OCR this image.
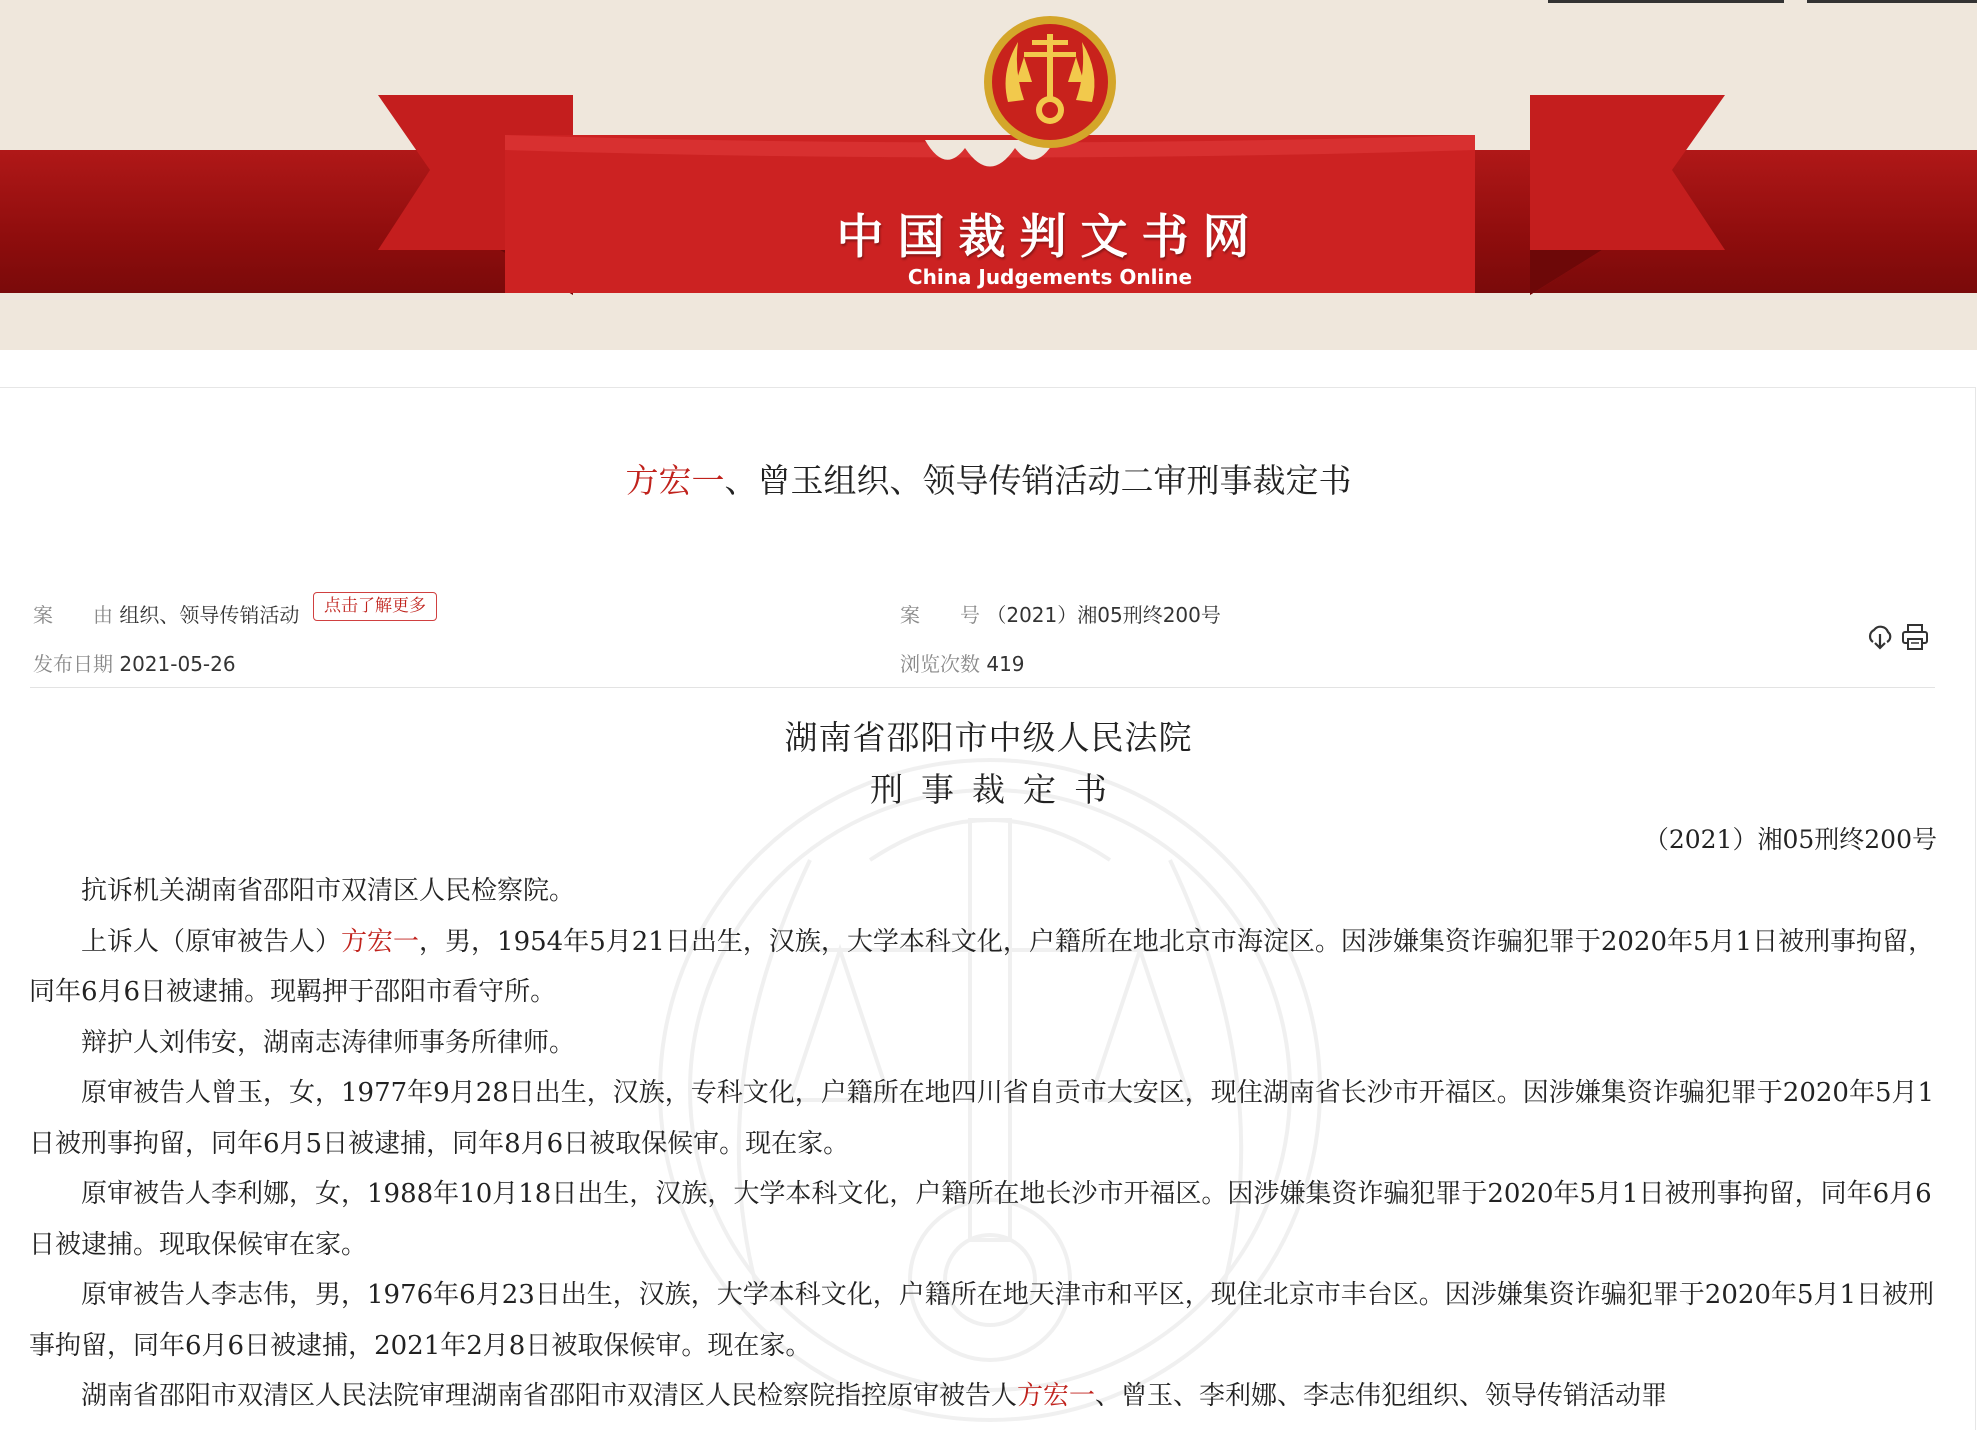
中国裁判文书网
China Judgements Online
方宏一、曾玉组织、领导传销活动二审刑事裁定书
案　　由 组织、领导传销活动	点击了解更多	案　　号 （2021）湘05刑终200号
发布日期 2021-05-26	浏览次数 419
湖南省邵阳市中级人民法院
刑事裁定书
（2021）湘05刑终200号

抗诉机关湖南省邵阳市双清区人民检察院。

上诉人（原审被告人）方宏一，男，1954年5月21日出生，汉族，大学本科文化，户籍所在地北京市海淀区。因涉嫌集资诈骗犯罪于2020年5月1日被刑事拘留，同年6月6日被逮捕。现羁押于邵阳市看守所。

辩护人刘伟安，湖南志涛律师事务所律师。

原审被告人曾玉，女，1977年9月28日出生，汉族，专科文化，户籍所在地四川省自贡市大安区，现住湖南省长沙市开福区。因涉嫌集资诈骗犯罪于2020年5月1日被刑事拘留，同年6月5日被逮捕，同年8月6日被取保候审。现在家。

原审被告人李利娜，女，1988年10月18日出生，汉族，大学本科文化，户籍所在地长沙市开福区。因涉嫌集资诈骗犯罪于2020年5月1日被刑事拘留，同年6月6日被逮捕。现取保候审在家。

原审被告人李志伟，男，1976年6月23日出生，汉族，大学本科文化，户籍所在地天津市和平区，现住北京市丰台区。因涉嫌集资诈骗犯罪于2020年5月1日被刑事拘留，同年6月6日被逮捕，2021年2月8日被取保候审。现在家。

湖南省邵阳市双清区人民法院审理湖南省邵阳市双清区人民检察院指控原审被告人方宏一、曾玉、李利娜、李志伟犯组织、领导传销活动罪
